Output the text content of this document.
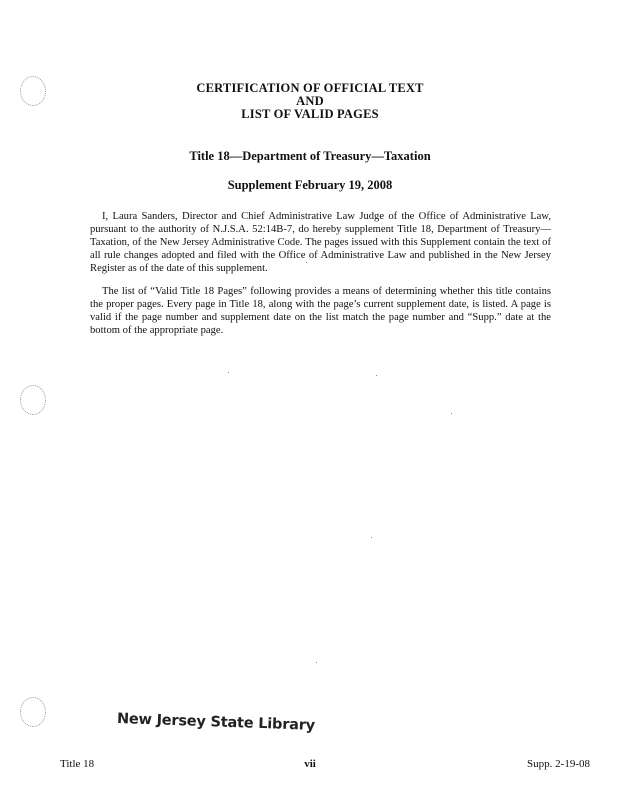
CERTIFICATION OF OFFICIAL TEXT
AND
LIST OF VALID PAGES
Title 18—Department of Treasury—Taxation
Supplement February 19, 2008

I, Laura Sanders, Director and Chief Administrative Law Judge of the Office of Administrative Law, pursuant to the authority of N.J.S.A. 52:14B-7, do hereby supplement Title 18, Department of Treasury—Taxation, of the New Jersey Administrative Code. The pages issued with this Supplement contain the text of all rule changes adopted and filed with the Office of Administrative Law and published in the New Jersey Register as of the date of this supplement.

The list of “Valid Title 18 Pages” following provides a means of determining whether this title contains the proper pages. Every page in Title 18, along with the page’s current supplement date, is listed. A page is valid if the page number and supplement date on the list match the page number and “Supp.” date at the bottom of the appropriate page.

New Jersey State Library
Title 18	vii	Supp. 2-19-08
